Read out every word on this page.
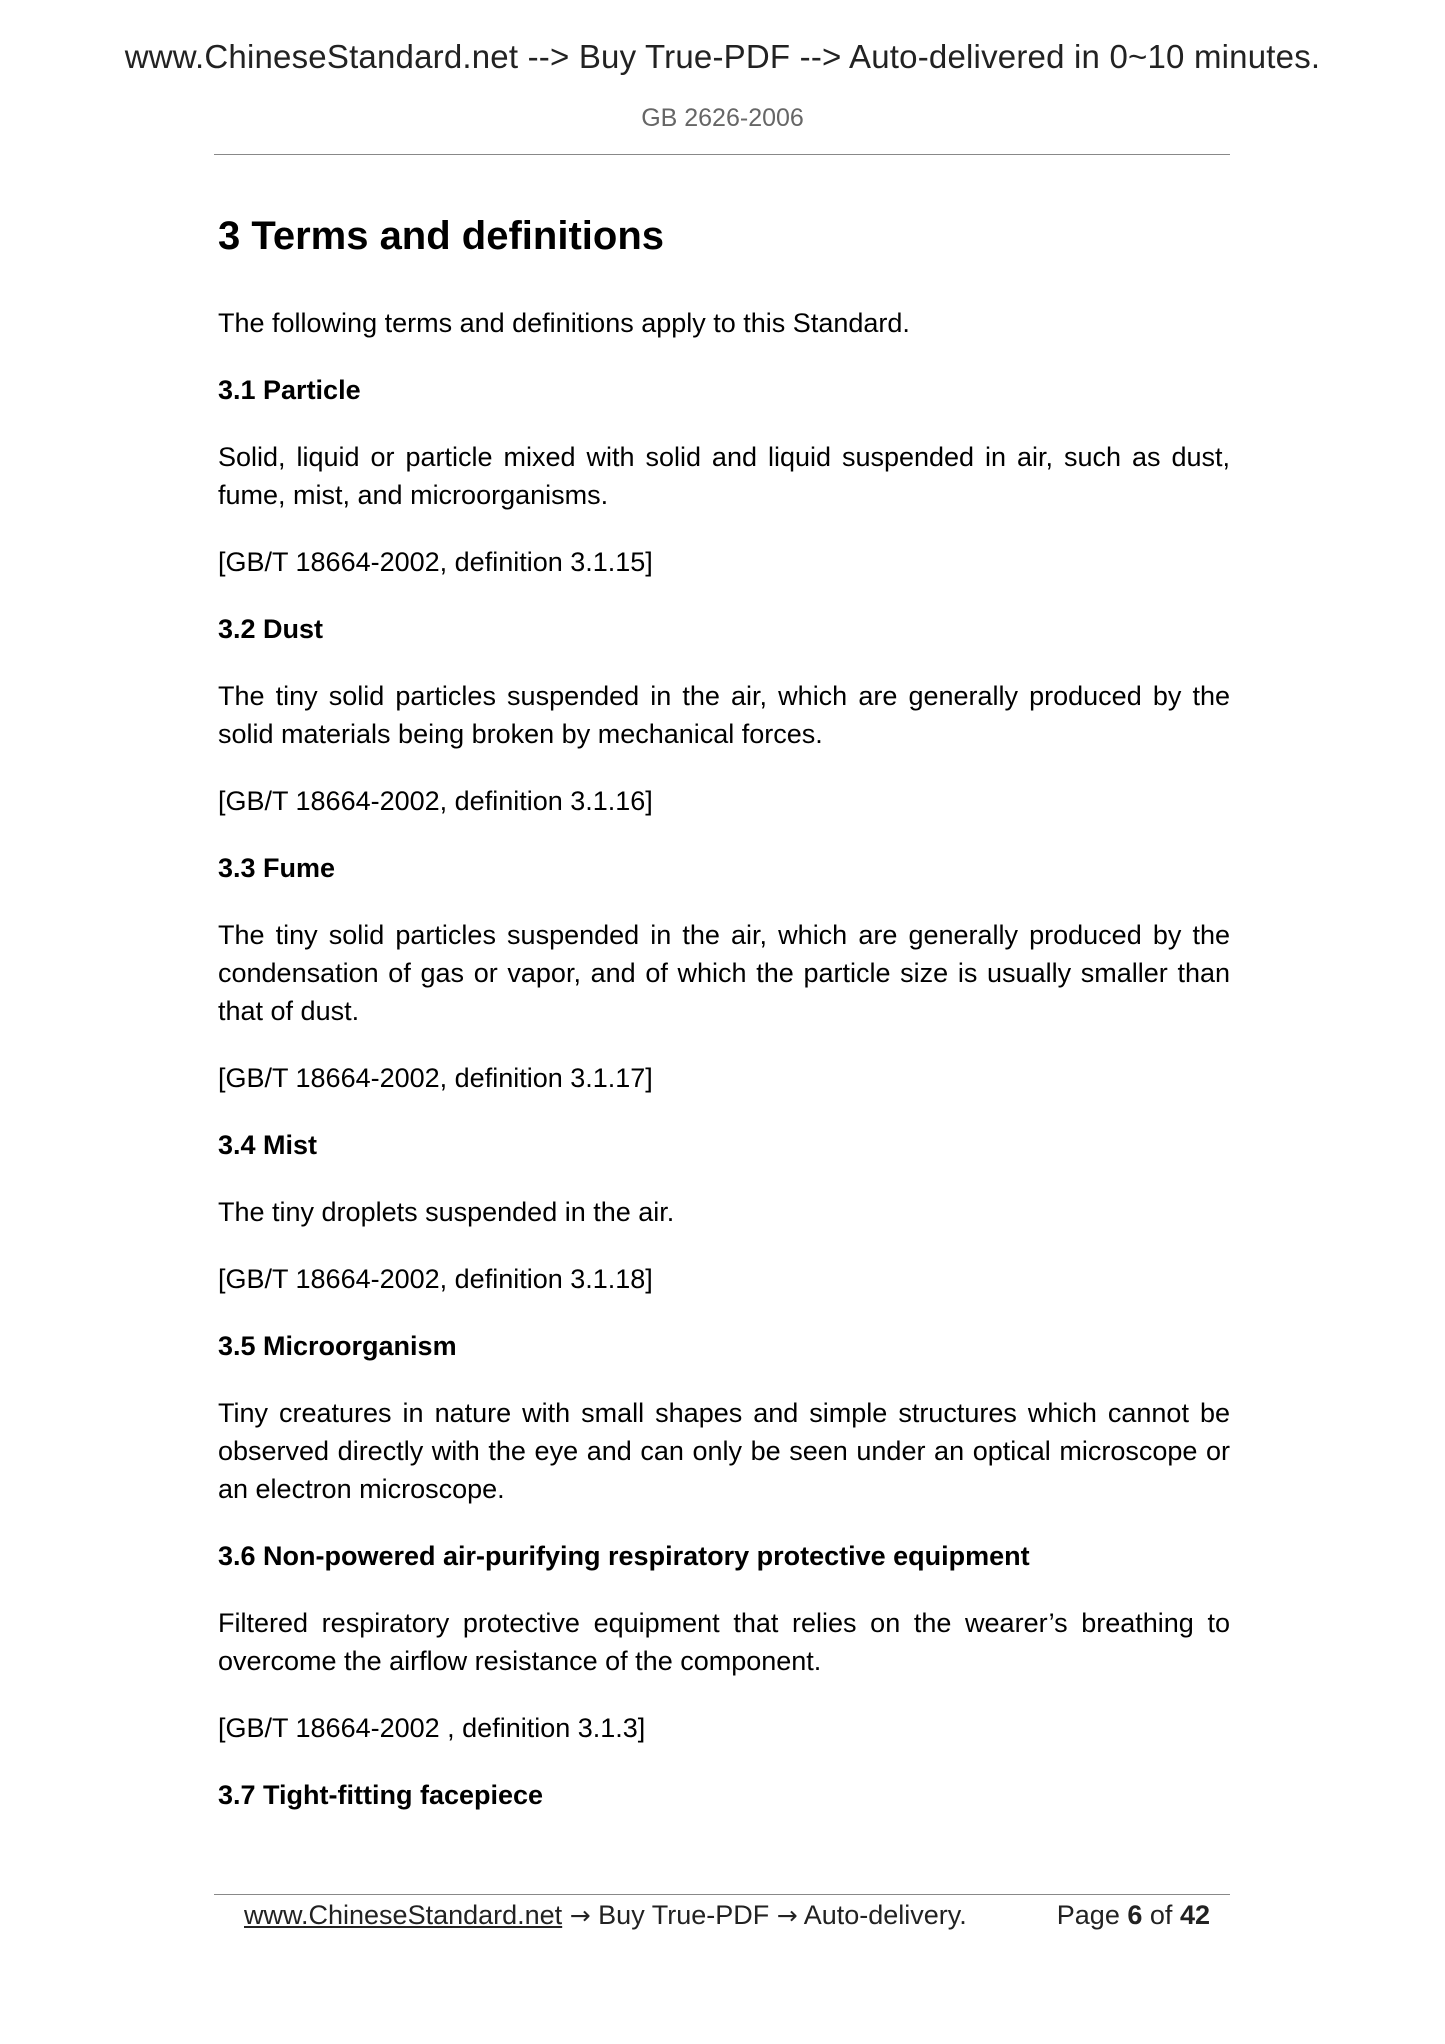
www.ChineseStandard.net --> Buy True-PDF --> Auto-delivered in 0~10 minutes.
GB 2626-2006
3 Terms and definitions

The following terms and definitions apply to this Standard.

3.1 Particle

Solid, liquid or particle mixed with solid and liquid suspended in air, such as dust, fume, mist, and microorganisms.

[GB/T 18664-2002, definition 3.1.15]

3.2 Dust

The tiny solid particles suspended in the air, which are generally produced by the solid materials being broken by mechanical forces.

[GB/T 18664-2002, definition 3.1.16]

3.3 Fume

The tiny solid particles suspended in the air, which are generally produced by the condensation of gas or vapor, and of which the particle size is usually smaller than that of dust.

[GB/T 18664-2002, definition 3.1.17]

3.4 Mist

The tiny droplets suspended in the air.

[GB/T 18664-2002, definition 3.1.18]

3.5 Microorganism

Tiny creatures in nature with small shapes and simple structures which cannot be observed directly with the eye and can only be seen under an optical microscope or an electron microscope.

3.6 Non-powered air-purifying respiratory protective equipment

Filtered respiratory protective equipment that relies on the wearer’s breathing to overcome the airflow resistance of the component.

[GB/T 18664-2002 , definition 3.1.3]

3.7 Tight-fitting facepiece

www.ChineseStandard.net → Buy True-PDF → Auto-delivery.	Page 6 of 42
